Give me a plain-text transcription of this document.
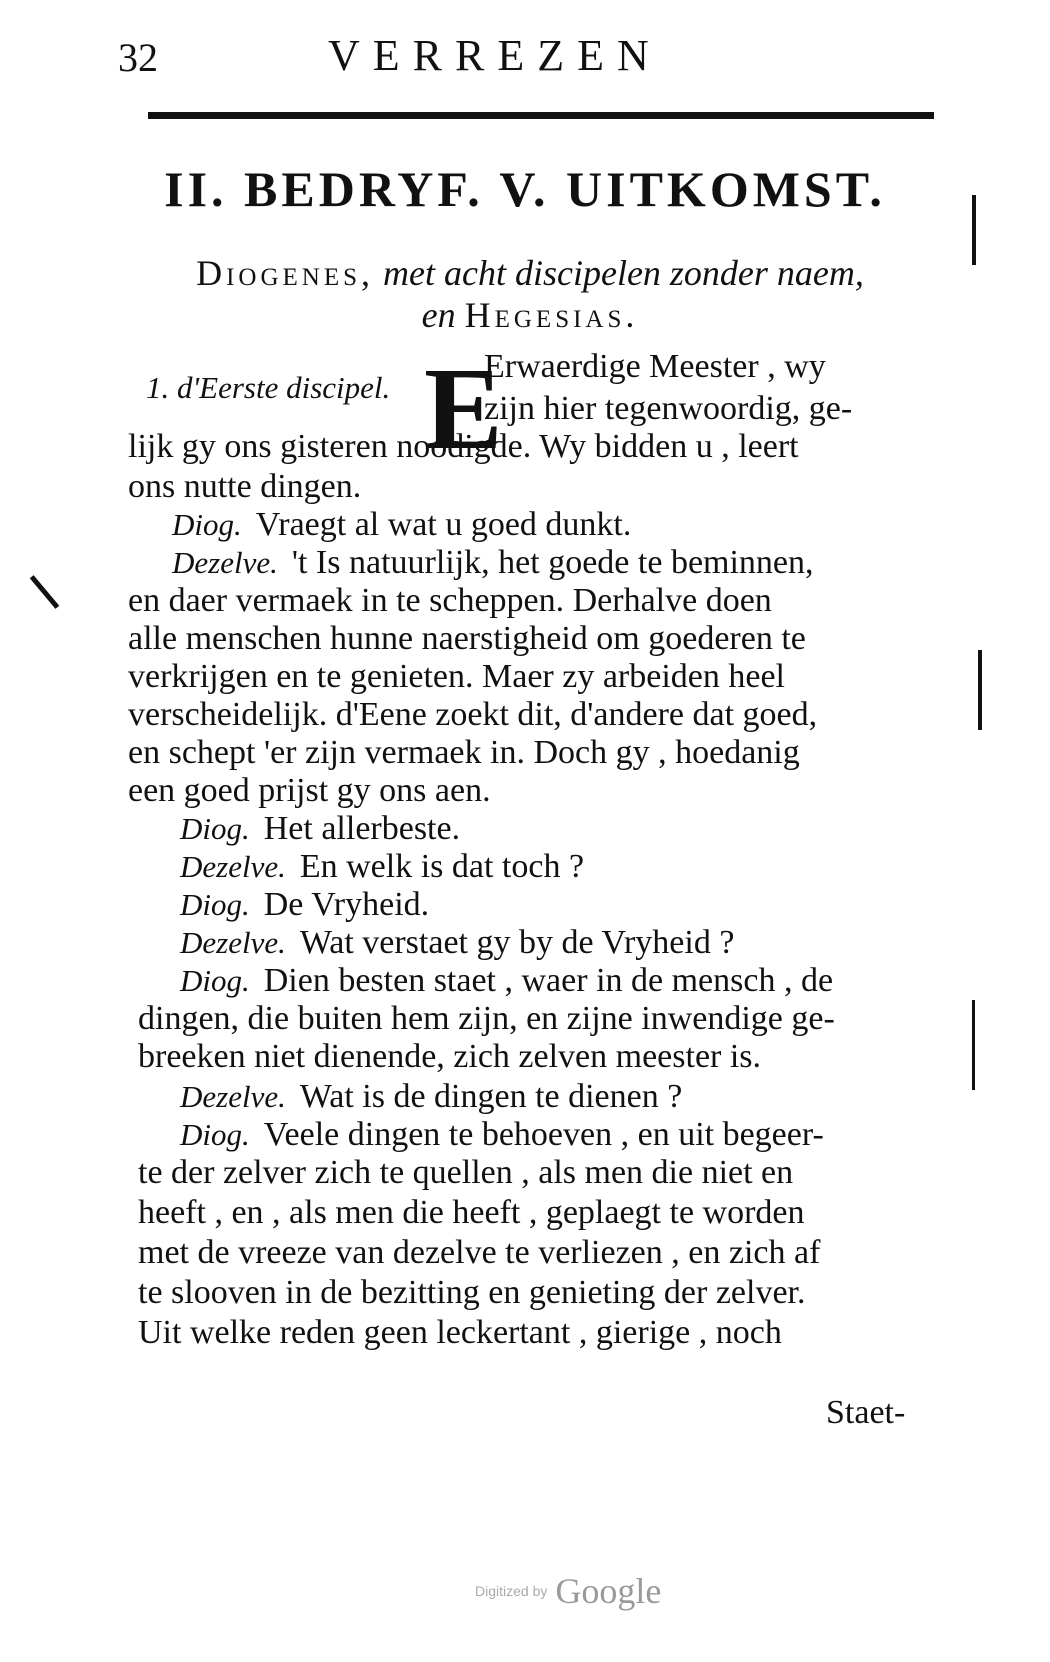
32	VERREZEN
II. BEDRYF. V. UITKOMST.
Diogenes, met acht discipelen zonder naem,
en Hegesias.
1. d'Eerste discipel. E
Erwaerdige Meester , wy
zijn hier tegenwoordig, ge-
lijk gy ons gisteren noodigde. Wy bidden u , leert
ons nutte dingen.
Diog. Vraegt al wat u goed dunkt.
Dezelve. 't Is natuurlijk, het goede te beminnen,
en daer vermaek in te scheppen. Derhalve doen
alle menschen hunne naerstigheid om goederen te
verkrijgen en te genieten. Maer zy arbeiden heel
verscheidelijk. d'Eene zoekt dit, d'andere dat goed,
en schept 'er zijn vermaek in. Doch gy , hoedanig
een goed prijst gy ons aen.
Diog. Het allerbeste.
Dezelve. En welk is dat toch ?
Diog. De Vryheid.
Dezelve. Wat verstaet gy by de Vryheid ?
Diog. Dien besten staet , waer in de mensch , de
dingen, die buiten hem zijn, en zijne inwendige ge-
breeken niet dienende, zich zelven meester is.
Dezelve. Wat is de dingen te dienen ?
Diog. Veele dingen te behoeven , en uit begeer-
te der zelver zich te quellen , als men die niet en
heeft , en , als men die heeft , geplaegt te worden
met de vreeze van dezelve te verliezen , en zich af
te slooven in de bezitting en genieting der zelver.
Uit welke reden geen leckertant , gierige , noch
Staet-
Digitized by Google
